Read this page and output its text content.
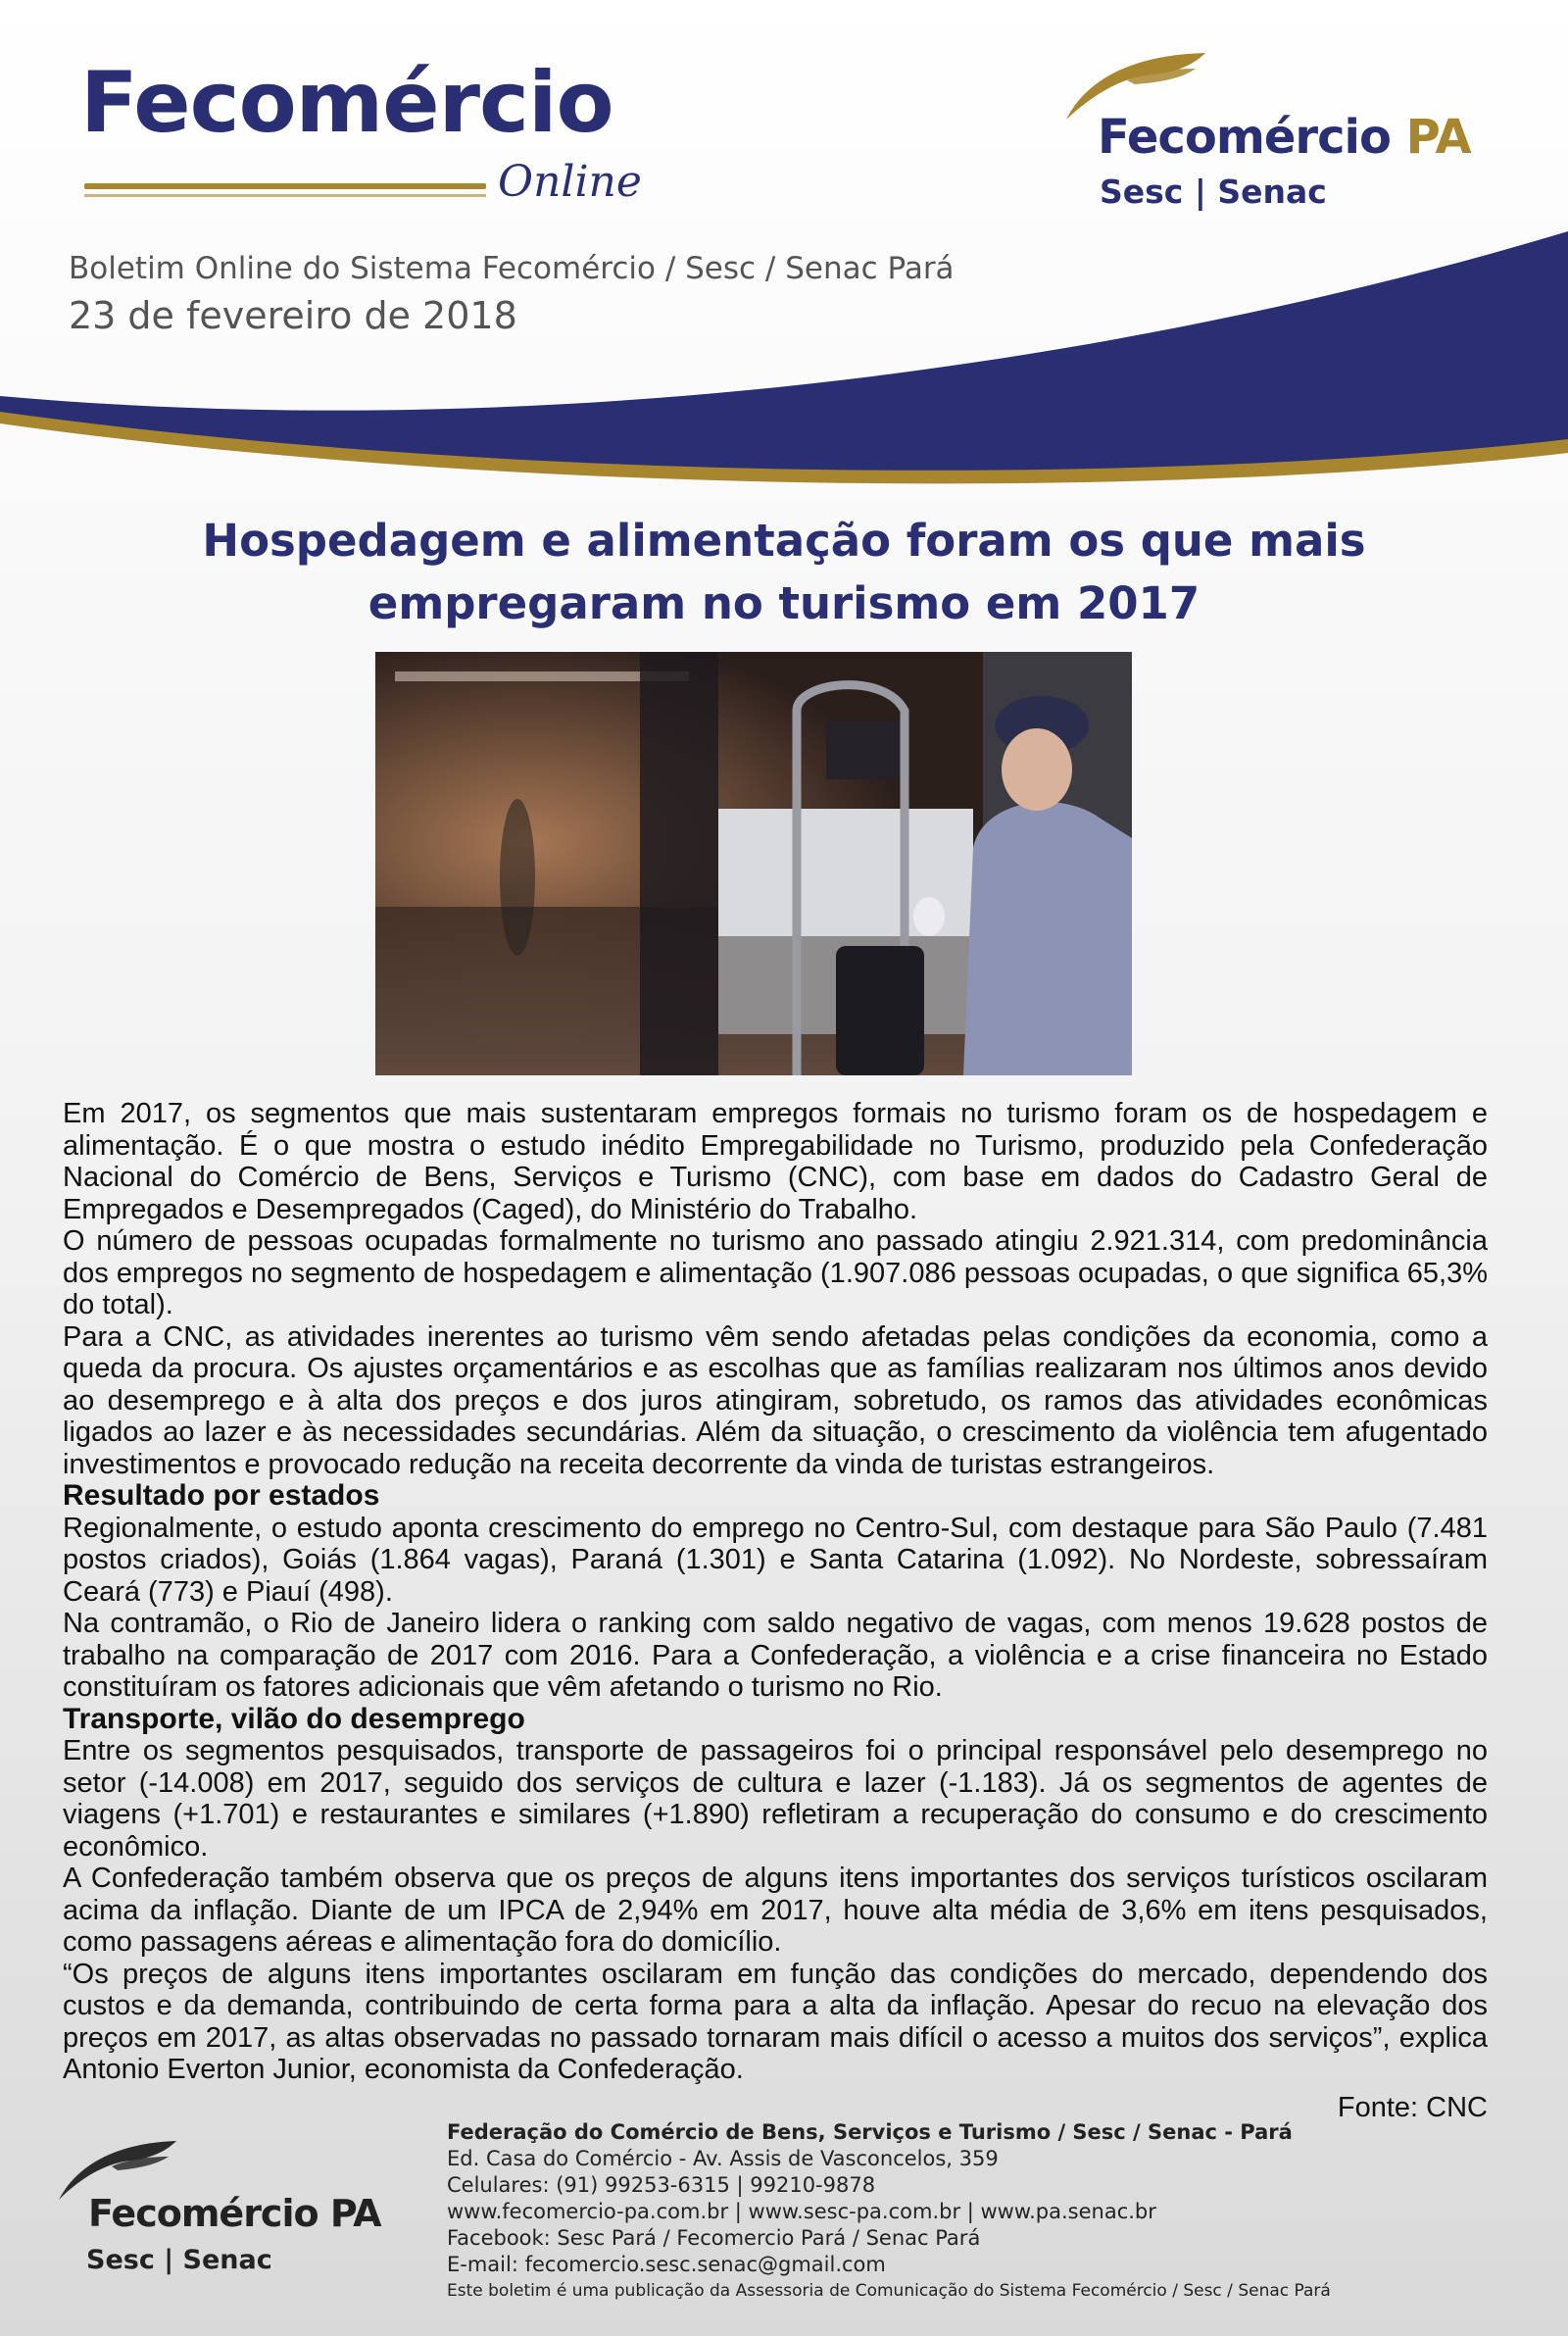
Fecomércio
Online
Boletim Online do Sistema Fecomércio / Sesc / Senac Pará
23 de fevereiro de 2018
Fecomércio PA
Sesc | Senac
Hospedagem e alimentação foram os que mais empregaram no turismo em 2017

Em 2017, os segmentos que mais sustentaram empregos formais no turismo foram os de hospedagem e alimentação. É o que mostra o estudo inédito Empregabilidade no Turismo, produzido pela Confederação Nacional do Comércio de Bens, Serviços e Turismo (CNC), com base em dados do Cadastro Geral de Empregados e Desempregados (Caged), do Ministério do Trabalho.

O número de pessoas ocupadas formalmente no turismo ano passado atingiu 2.921.314, com predominância dos empregos no segmento de hospedagem e alimentação (1.907.086 pessoas ocupadas, o que significa 65,3% do total).

Para a CNC, as atividades inerentes ao turismo vêm sendo afetadas pelas condições da economia, como a queda da procura. Os ajustes orçamentários e as escolhas que as famílias realizaram nos últimos anos devido ao desemprego e à alta dos preços e dos juros atingiram, sobretudo, os ramos das atividades econômicas ligados ao lazer e às necessidades secundárias. Além da situação, o crescimento da violência tem afugentado investimentos e provocado redução na receita decorrente da vinda de turistas estrangeiros.

Resultado por estados

Regionalmente, o estudo aponta crescimento do emprego no Centro-Sul, com destaque para São Paulo (7.481 postos criados), Goiás (1.864 vagas), Paraná (1.301) e Santa Catarina (1.092). No Nordeste, sobressaíram Ceará (773) e Piauí (498).

Na contramão, o Rio de Janeiro lidera o ranking com saldo negativo de vagas, com menos 19.628 postos de trabalho na comparação de 2017 com 2016. Para a Confederação, a violência e a crise financeira no Estado constituíram os fatores adicionais que vêm afetando o turismo no Rio.

Transporte, vilão do desemprego

Entre os segmentos pesquisados, transporte de passageiros foi o principal responsável pelo desemprego no setor (-14.008) em 2017, seguido dos serviços de cultura e lazer (-1.183). Já os segmentos de agentes de viagens (+1.701) e restaurantes e similares (+1.890) refletiram a recuperação do consumo e do crescimento econômico.

A Confederação também observa que os preços de alguns itens importantes dos serviços turísticos oscilaram acima da inflação. Diante de um IPCA de 2,94% em 2017, houve alta média de 3,6% em itens pesquisados, como passagens aéreas e alimentação fora do domicílio.

“Os preços de alguns itens importantes oscilaram em função das condições do mercado, dependendo dos custos e da demanda, contribuindo de certa forma para a alta da inflação. Apesar do recuo na elevação dos preços em 2017, as altas observadas no passado tornaram mais difícil o acesso a muitos dos serviços”, explica Antonio Everton Junior, economista da Confederação.

Fonte: CNC

Fecomércio PA
Sesc | Senac
Federação do Comércio de Bens, Serviços e Turismo / Sesc / Senac - Pará
Ed. Casa do Comércio - Av. Assis de Vasconcelos, 359
Celulares: (91) 99253-6315 | 99210-9878
www.fecomercio-pa.com.br | www.sesc-pa.com.br | www.pa.senac.br
Facebook: Sesc Pará / Fecomercio Pará / Senac Pará
E-mail: fecomercio.sesc.senac@gmail.com
Este boletim é uma publicação da Assessoria de Comunicação do Sistema Fecomércio / Sesc / Senac Pará
